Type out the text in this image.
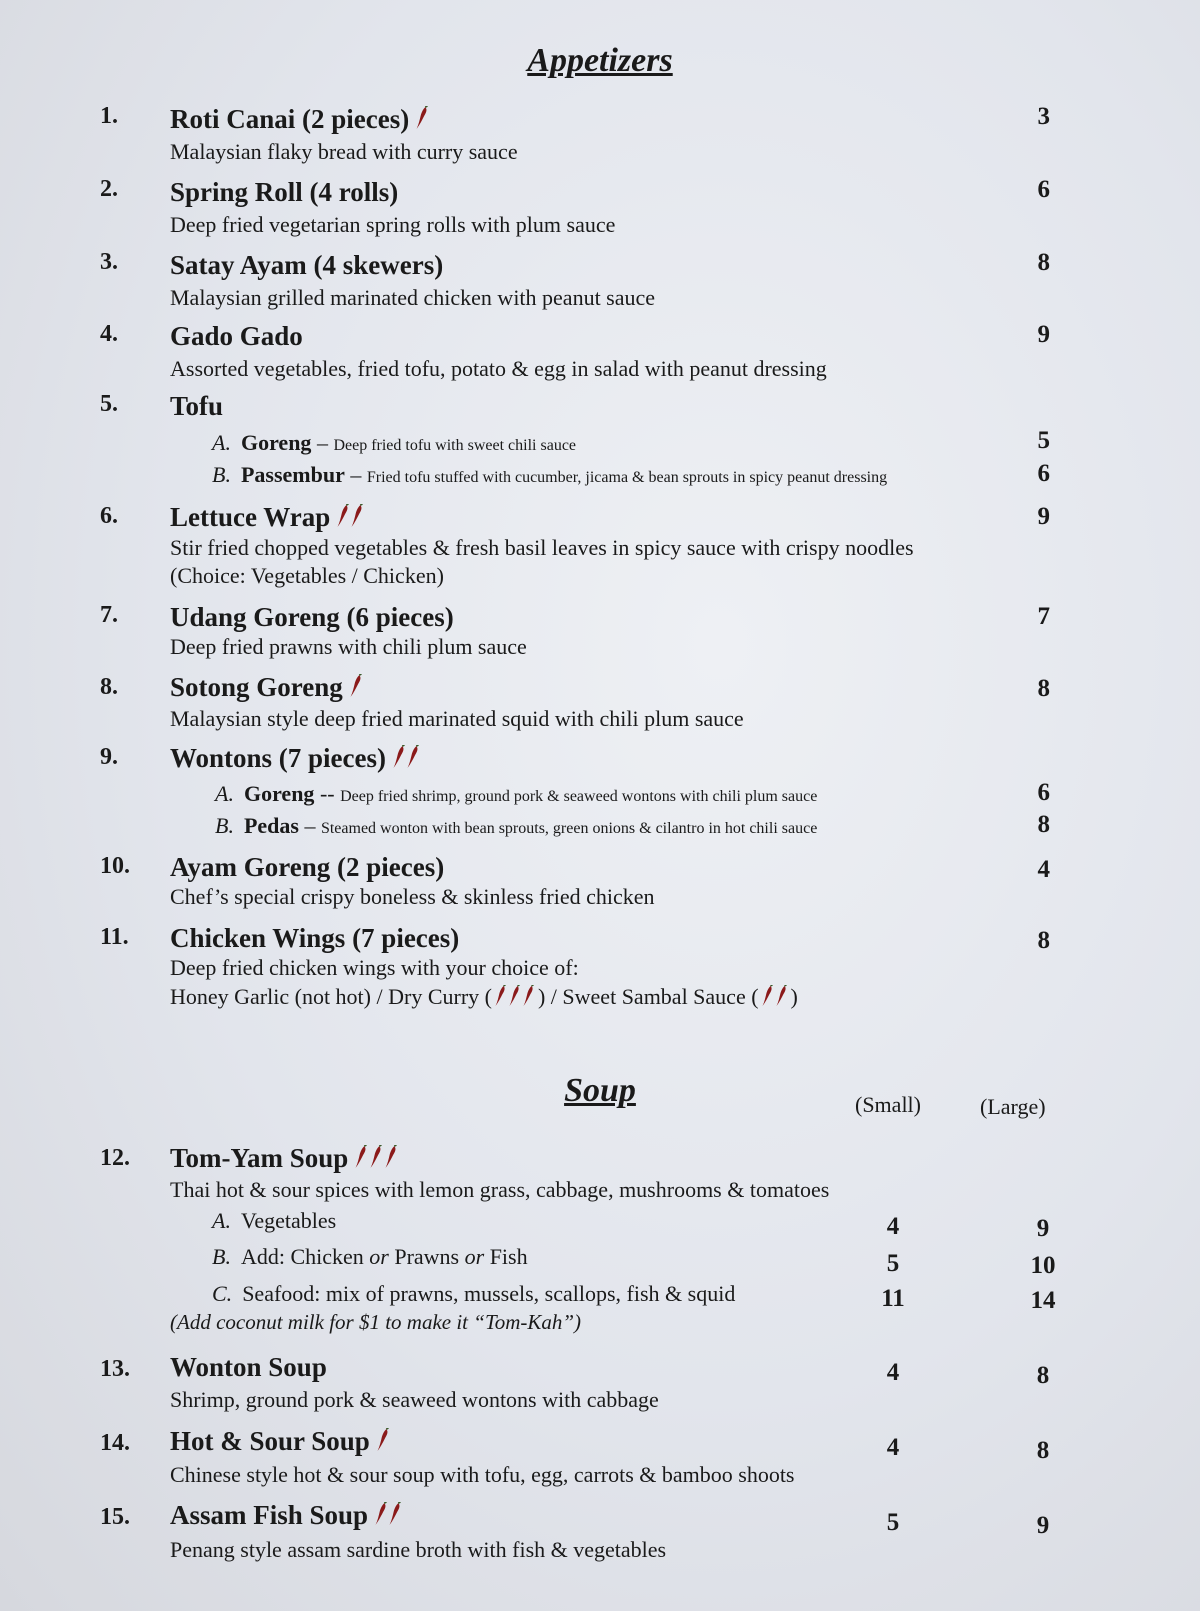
Appetizers
1.	Roti Canai (2 pieces)
Malaysian flaky bread with curry sauce
3
2.	Spring Roll (4 rolls)
Deep fried vegetarian spring rolls with plum sauce
6
3.	Satay Ayam (4 skewers)
Malaysian grilled marinated chicken with peanut sauce
8
4.	Gado Gado
Assorted vegetables, fried tofu, potato & egg in salad with peanut dressing
9
5.	Tofu
A. Goreng – Deep fried tofu with sweet chili sauce	5
B. Passembur – Fried tofu stuffed with cucumber, jicama & bean sprouts in spicy peanut dressing	6
6.	Lettuce Wrap
Stir fried chopped vegetables & fresh basil leaves in spicy sauce with crispy noodles
(Choice: Vegetables / Chicken)
9
7.	Udang Goreng (6 pieces)
Deep fried prawns with chili plum sauce
7
8.	Sotong Goreng
Malaysian style deep fried marinated squid with chili plum sauce
8
9.	Wontons (7 pieces)
A. Goreng -- Deep fried shrimp, ground pork & seaweed wontons with chili plum sauce	6
B. Pedas – Steamed wonton with bean sprouts, green onions & cilantro in hot chili sauce	8
10.	Ayam Goreng (2 pieces)
Chef’s special crispy boneless & skinless fried chicken
4
11.	Chicken Wings (7 pieces)
Deep fried chicken wings with your choice of:
Honey Garlic (not hot) / Dry Curry ( ) / Sweet Sambal Sauce ( )
8
Soup	(Small)	(Large)
12.	Tom-Yam Soup
Thai hot & sour spices with lemon grass, cabbage, mushrooms & tomatoes
A. Vegetables	4	9
B. Add: Chicken or Prawns or Fish	5	10
C. Seafood: mix of prawns, mussels, scallops, fish & squid	11	14
(Add coconut milk for $1 to make it “Tom-Kah”)
13.	Wonton Soup
Shrimp, ground pork & seaweed wontons with cabbage
4	8
14.	Hot & Sour Soup
Chinese style hot & sour soup with tofu, egg, carrots & bamboo shoots
4	8
15.	Assam Fish Soup
Penang style assam sardine broth with fish & vegetables
5	9
